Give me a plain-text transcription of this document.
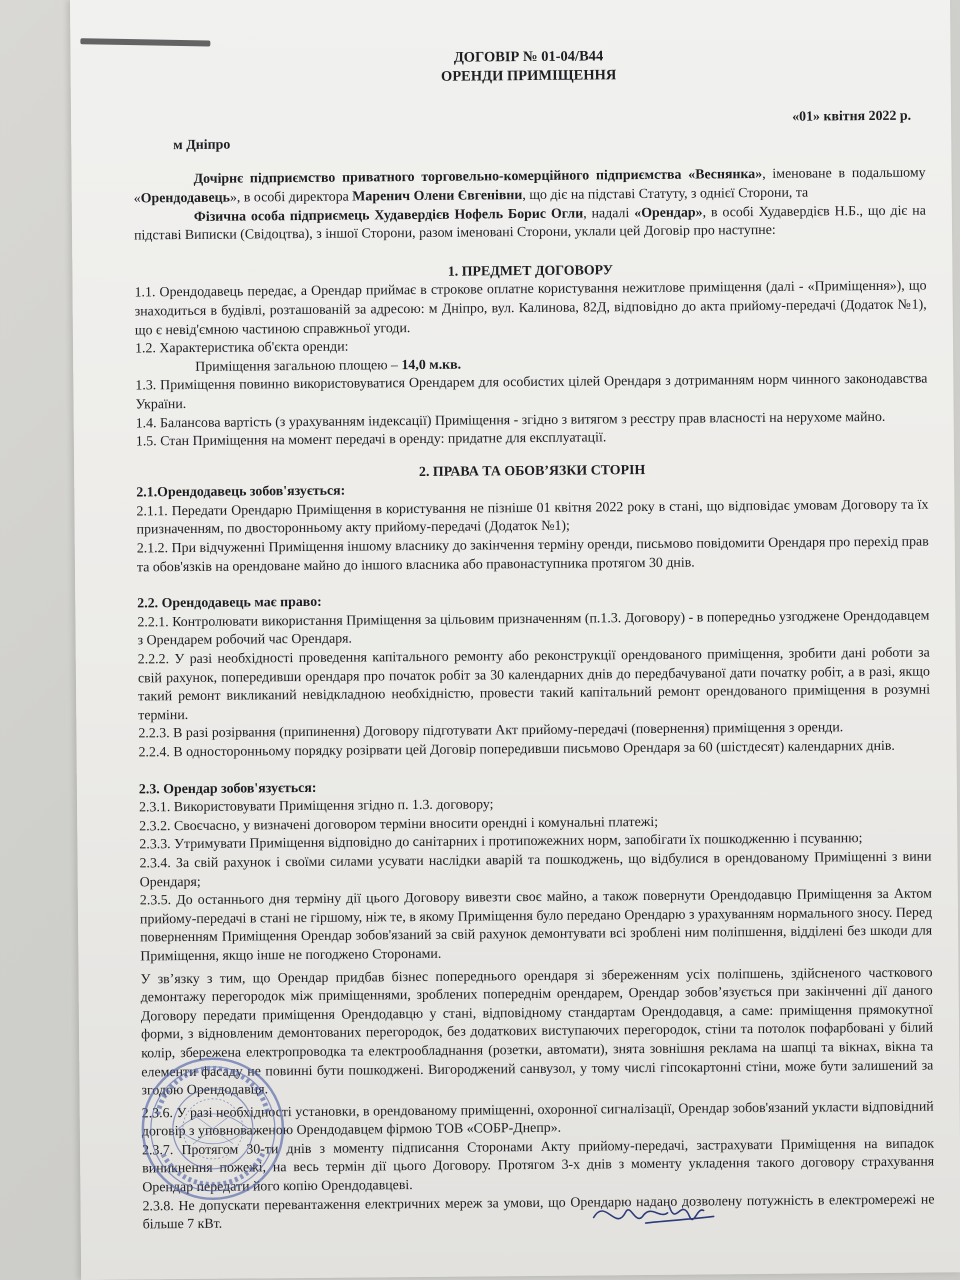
ДОГОВІР № 01-04/В44
ОРЕНДИ ПРИМІЩЕННЯ
«01» квітня 2022 р.
м Дніпро

Дочірнє підприємство приватного торговельно-комерційного підприємства «Веснянка», іменоване в подальшому «Орендодавець», в особі директора Маренич Олени Євгенівни, що діє на підставі Статуту, з однієї Сторони, та

Фізична особа підприємець Худавердієв Нофель Борис Огли, надалі «Орендар», в особі Худавердієв Н.Б., що діє на підставі Виписки (Свідоцтва), з іншої Сторони, разом іменовані Сторони, уклали цей Договір про наступне:

1. ПРЕДМЕТ ДОГОВОРУ

1.1. Орендодавець передає, а Орендар приймає в строкове оплатне користування нежитлове приміщення (далі - «Приміщення»), що знаходиться в будівлі, розташованій за адресою: м Дніпро, вул. Калинова, 82Д, відповідно до акта прийому-передачі (Додаток №1), що є невід'ємною частиною справжньої угоди.

1.2. Характеристика об'єкта оренди:

Приміщення загальною площею – 14,0 м.кв.

1.3. Приміщення повинно використовуватися Орендарем для особистих цілей Орендаря з дотриманням норм чинного законодавства України.

1.4. Балансова вартість (з урахуванням індексації) Приміщення - згідно з витягом з реєстру прав власності на нерухоме майно.

1.5. Стан Приміщення на момент передачі в оренду: придатне для експлуатації.

2. ПРАВА ТА ОБОВ’ЯЗКИ СТОРІН

2.1.Орендодавець зобов'язується:

2.1.1. Передати Орендарю Приміщення в користування не пізніше 01 квітня 2022 року в стані, що відповідає умовам Договору та їх призначенням, по двосторонньому акту прийому-передачі (Додаток №1);

2.1.2. При відчуженні Приміщення іншому власнику до закінчення терміну оренди, письмово повідомити Орендаря про перехід прав та обов'язків на орендоване майно до іншого власника або правонаступника протягом 30 днів.

2.2. Орендодавець має право:

2.2.1. Контролювати використання Приміщення за цільовим призначенням (п.1.3. Договору) - в попередньо узгоджене Орендодавцем з Орендарем робочий час Орендаря.

2.2.2. У разі необхідності проведення капітального ремонту або реконструкції орендованого приміщення, зробити дані роботи за свій рахунок, попередивши орендаря про початок робіт за 30 календарних днів до передбачуваної дати початку робіт, а в разі, якщо такий ремонт викликаний невідкладною необхідністю, провести такий капітальний ремонт орендованого приміщення в розумні терміни.

2.2.3. В разі розірвання (припинення) Договору підготувати Акт прийому-передачі (повернення) приміщення з оренди.

2.2.4. В односторонньому порядку розірвати цей Договір попередивши письмово Орендаря за 60 (шістдесят) календарних днів.

2.3. Орендар зобов'язується:

2.3.1. Використовувати Приміщення згідно п. 1.3. договору;

2.3.2. Своєчасно, у визначені договором терміни вносити орендні і комунальні платежі;

2.3.3. Утримувати Приміщення відповідно до санітарних і протипожежних норм, запобігати їх пошкодженню і псуванню;

2.3.4. За свій рахунок і своїми силами усувати наслідки аварій та пошкоджень, що відбулися в орендованому Приміщенні з вини Орендаря;

2.3.5. До останнього дня терміну дії цього Договору вивезти своє майно, а також повернути Орендодавцю Приміщення за Актом прийому-передачі в стані не гіршому, ніж те, в якому Приміщення було передано Орендарю з урахуванням нормального зносу. Перед поверненням Приміщення Орендар зобов'язаний за свій рахунок демонтувати всі зроблені ним поліпшення, відділені без шкоди для Приміщення, якщо інше не погоджено Сторонами.

У зв’язку з тим, що Орендар придбав бізнес попереднього орендаря зі збереженням усіх поліпшень, здійсненого часткового демонтажу перегородок між приміщеннями, зроблених попереднім орендарем, Орендар зобов’язується при закінченні дії даного Договору передати приміщення Орендодавцю у стані, відповідному стандартам Орендодавця, а саме: приміщення прямокутної форми, з відновленим демонтованих перегородок, без додаткових виступаючих перегородок, стіни та потолок пофарбовані у білий колір, збережена електропроводка та електрообладнання (розетки, автомати), знята зовнішня реклама на шапці та вікнах, вікна та елементи фасаду не повинні бути пошкоджені. Вигороджений санвузол, у тому числі гіпсокартонні стіни, може бути залишений за згодою Орендодавця.

2.3.6. У разі необхідності установки, в орендованому приміщенні, охоронної сигналізації, Орендар зобов'язаний укласти відповідний договір з уповноваженою Орендодавцем фірмою ТОВ «СОБР-Днепр».

2.3.7. Протягом 30-ти днів з моменту підписання Сторонами Акту прийому-передачі, застрахувати Приміщення на випадок виникнення пожежі, на весь термін дії цього Договору. Протягом 3-х днів з моменту укладення такого договору страхування Орендар передати його копію Орендодавцеві.

2.3.8. Не допускати перевантаження електричних мереж за умови, що Орендарю надано дозволену потужність в електромережі не більше 7 кВт.
